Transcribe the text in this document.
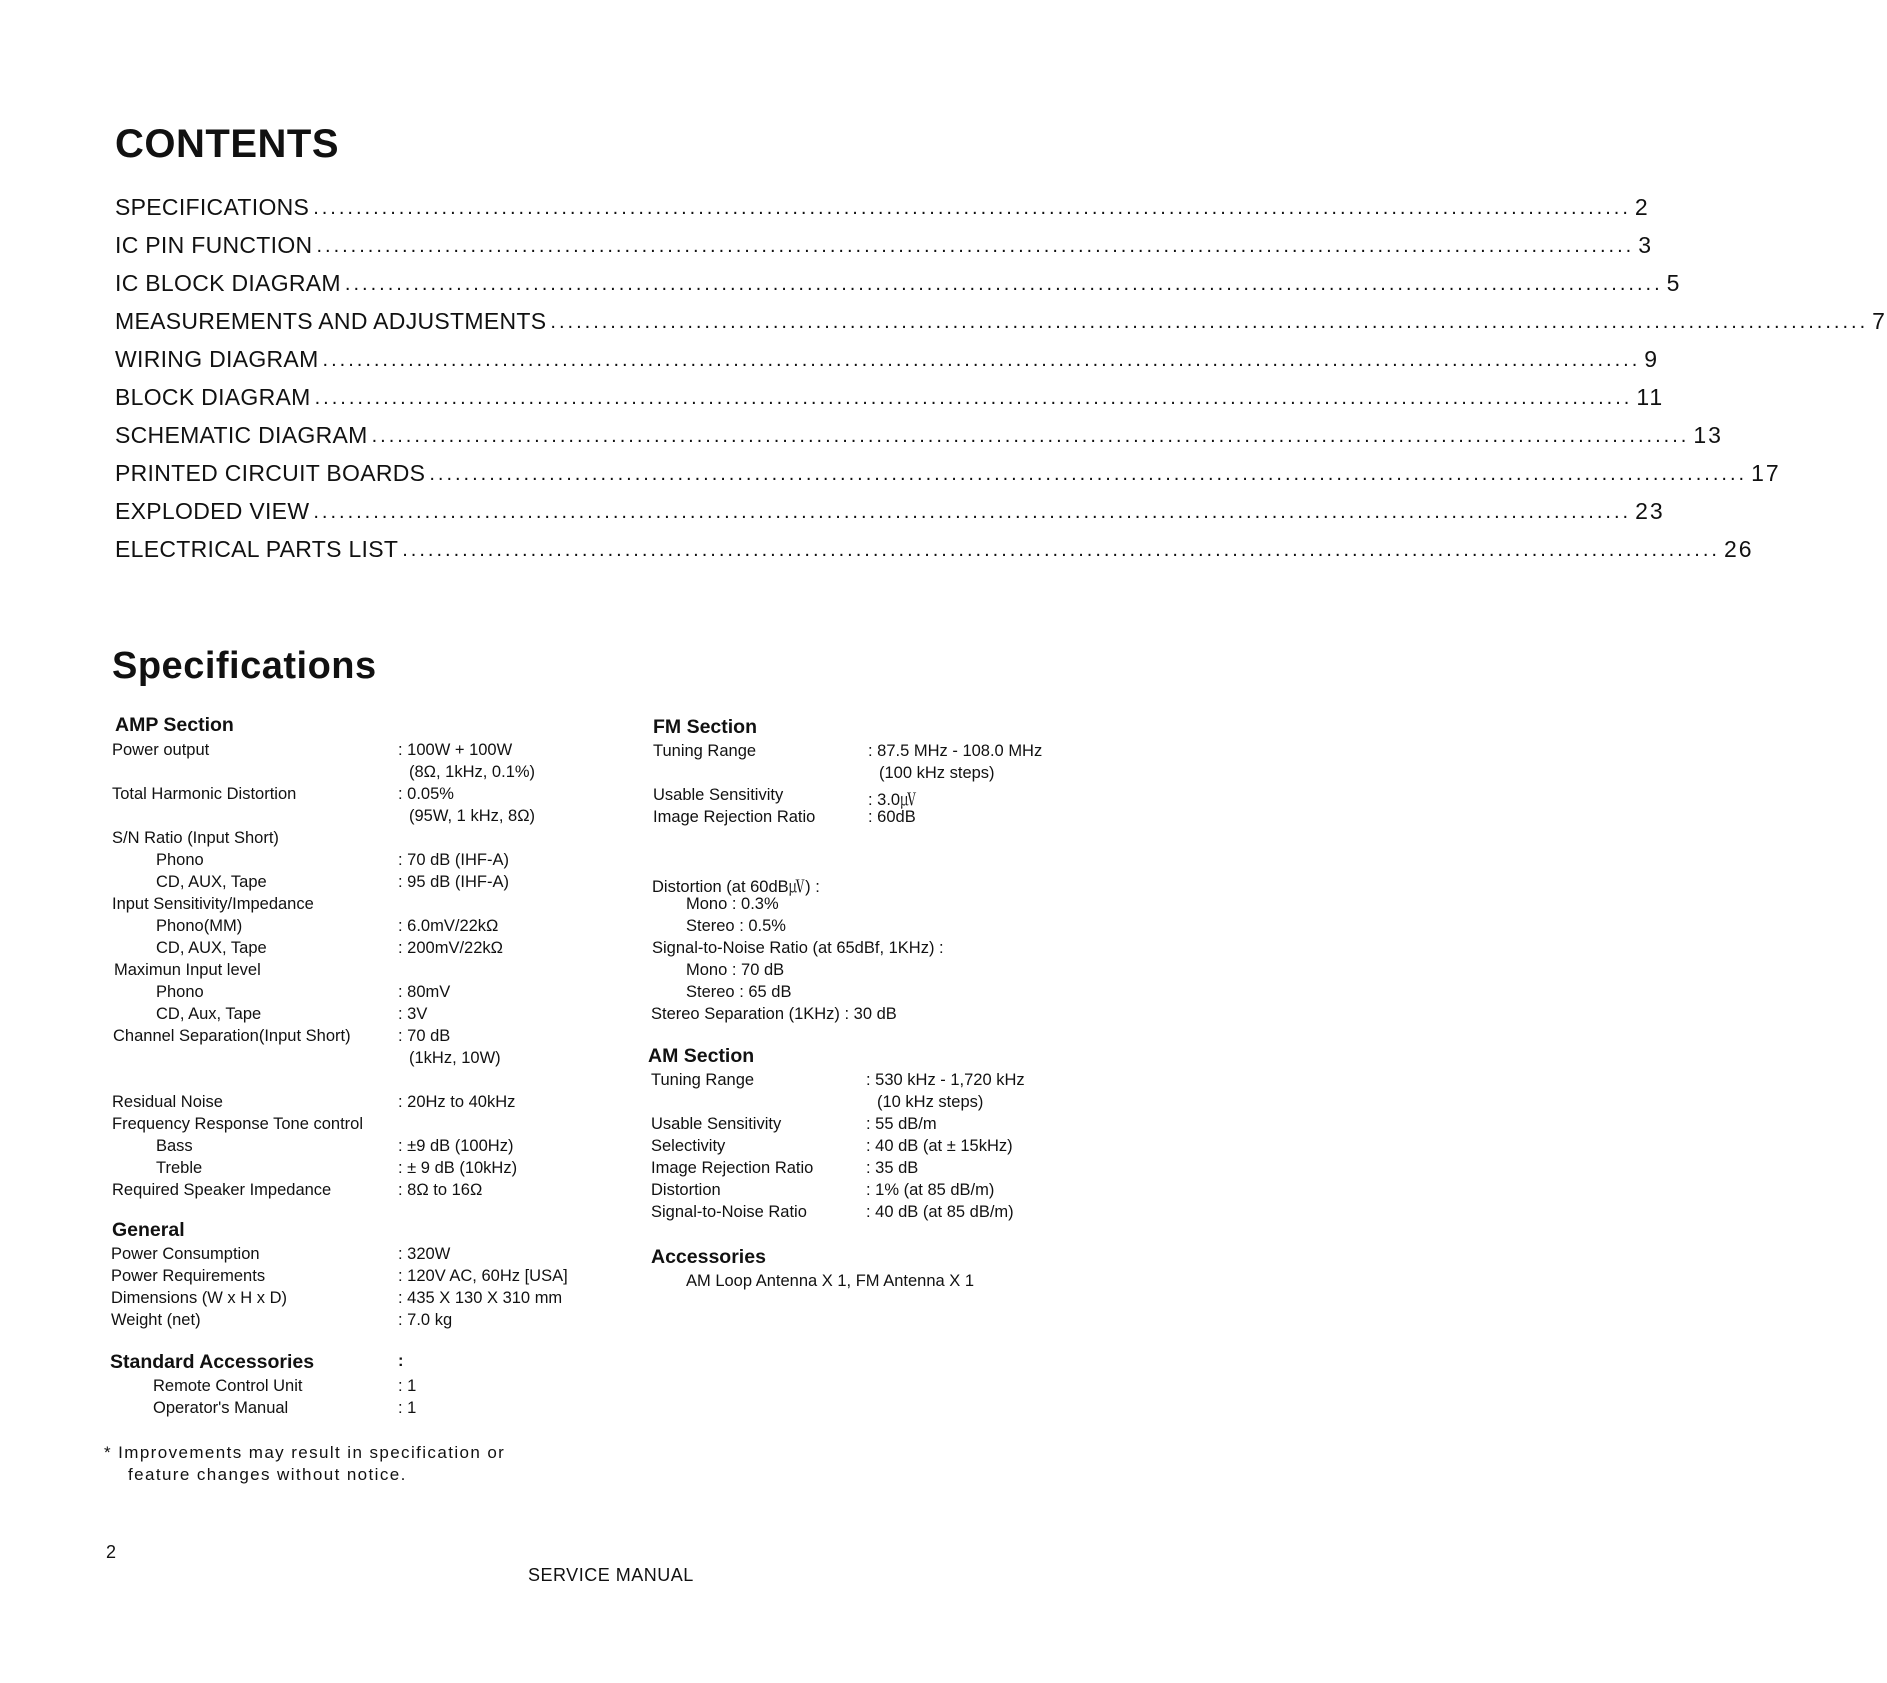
CONTENTS
SPECIFICATIONS .......................................................................................................................................................... 2
IC PIN FUNCTION .......................................................................................................................................................... 3
IC BLOCK DIAGRAM .......................................................................................................................................................... 5
MEASUREMENTS AND ADJUSTMENTS .......................................................................................................................................................... 7
WIRING DIAGRAM .......................................................................................................................................................... 9
BLOCK DIAGRAM .......................................................................................................................................................... 11
SCHEMATIC DIAGRAM .......................................................................................................................................................... 13
PRINTED CIRCUIT BOARDS .......................................................................................................................................................... 17
EXPLODED VIEW .......................................................................................................................................................... 23
ELECTRICAL PARTS LIST .......................................................................................................................................................... 26
Specifications
AMP Section
Power output	: 100W + 100W
(8Ω, 1kHz, 0.1%)
Total Harmonic Distortion	: 0.05%
(95W, 1 kHz, 8Ω)
S/N Ratio (Input Short)
Phono	: 70 dB (IHF-A)
CD, AUX, Tape	: 95 dB (IHF-A)
Input Sensitivity/Impedance
Phono(MM)	: 6.0mV/22kΩ
CD, AUX, Tape	: 200mV/22kΩ
Maximun Input level
Phono	: 80mV
CD, Aux, Tape	: 3V
Channel Separation(Input Short)	: 70 dB
(1kHz, 10W)
Residual Noise	: 20Hz to 40kHz
Frequency Response Tone control
Bass	: ±9 dB (100Hz)
Treble	: ± 9 dB (10kHz)
Required Speaker Impedance	: 8Ω to 16Ω
General
Power Consumption	: 320W
Power Requirements	: 120V AC, 60Hz [USA]
Dimensions (W x H x D)	: 435 X 130 X 310 mm
Weight (net)	: 7.0 kg
Standard Accessories	:
Remote Control Unit	: 1
Operator's Manual	: 1
FM Section
Tuning Range	: 87.5 MHz - 108.0 MHz
(100 kHz steps)
Usable Sensitivity	: 3.0㎶
Image Rejection Ratio	: 60dB
Distortion (at 60dB㎶) :
Mono : 0.3%
Stereo : 0.5%
Signal-to-Noise Ratio (at 65dBf, 1KHz) :
Mono : 70 dB
Stereo : 65 dB
Stereo Separation (1KHz) : 30 dB
AM Section
Tuning Range	: 530 kHz - 1,720 kHz
(10 kHz steps)
Usable Sensitivity	: 55 dB/m
Selectivity	: 40 dB (at ± 15kHz)
Image Rejection Ratio	: 35 dB
Distortion	: 1% (at 85 dB/m)
Signal-to-Noise Ratio	: 40 dB (at 85 dB/m)
Accessories
AM Loop Antenna X 1, FM Antenna X 1
* Improvements may result in specification or
feature changes without notice.
2
SERVICE MANUAL
